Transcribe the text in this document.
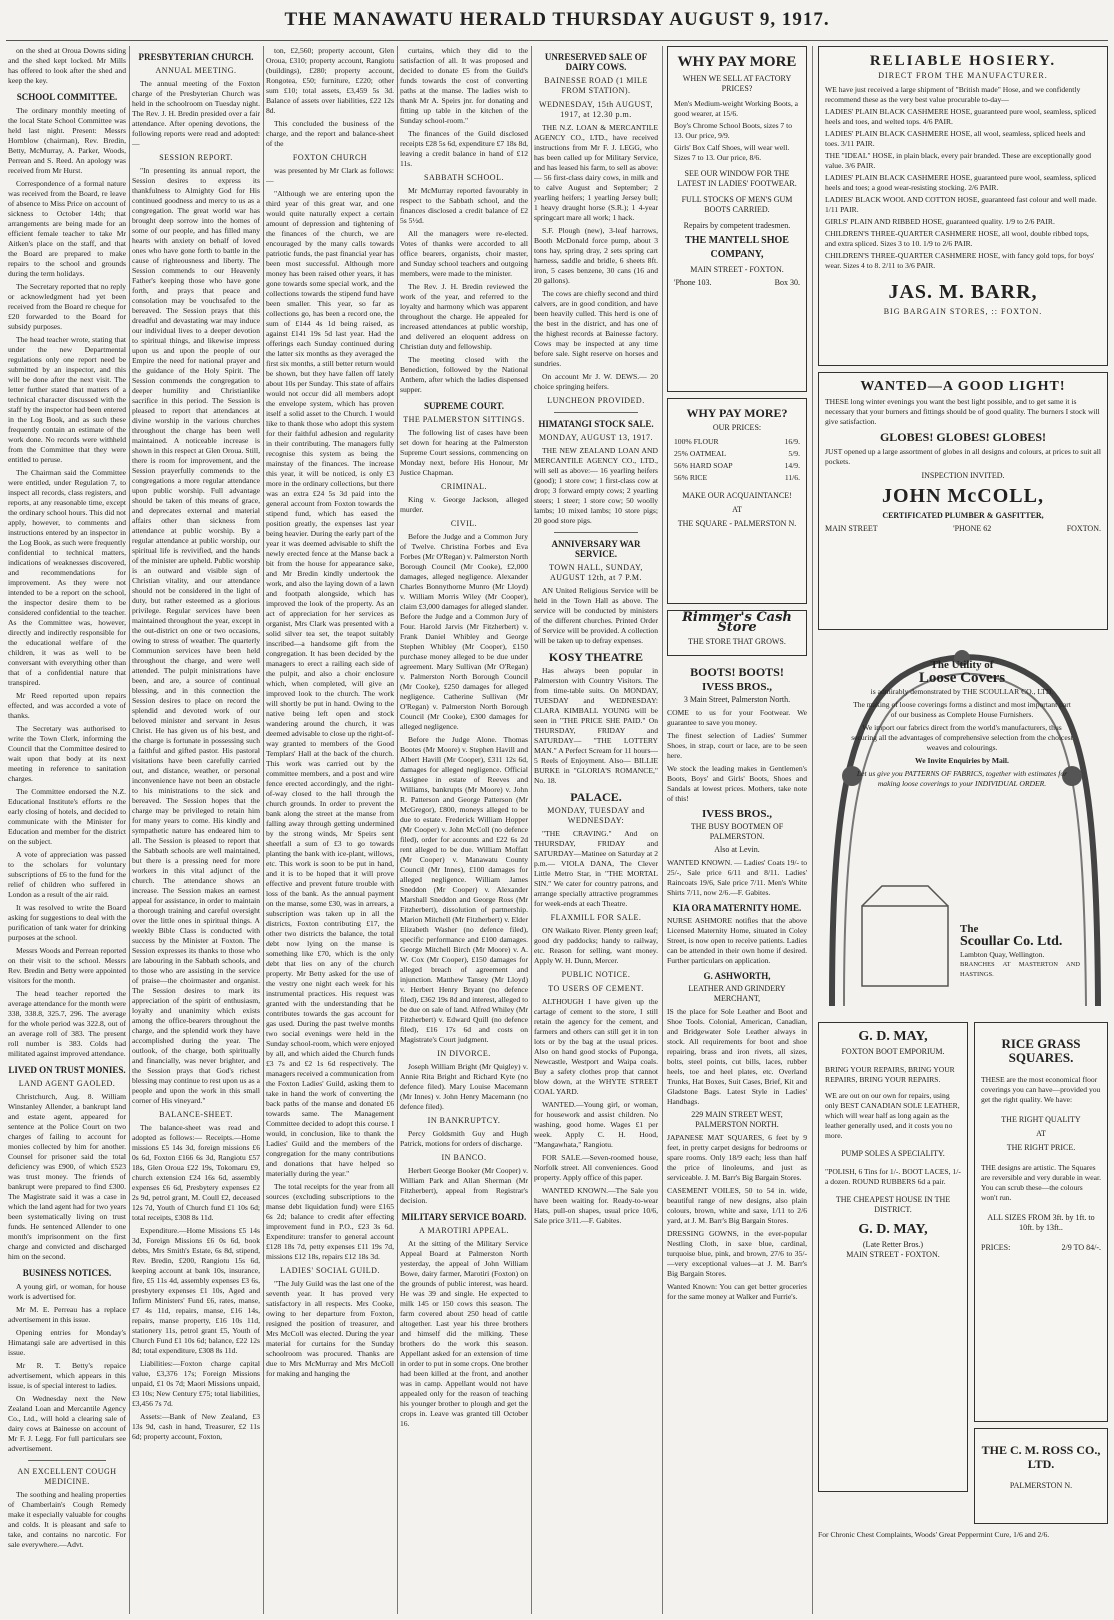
THE MANAWATU HERALD THURSDAY AUGUST 9, 1917.

on the shed at Oroua Downs siding and the shed kept locked. Mr Mills has offered to look after the shed and keep the key.

SCHOOL COMMITTEE.

The ordinary monthly meeting of the local State School Committee was held last night. Present: Messrs Hornblow (chairman), Rev. Bredin, Betty, McMurray, A. Parker, Woods, Perrean and S. Reed. An apology was received from Mr Hurst.

Correspondence of a formal nature was received from the Board, re leave of absence to Miss Price on account of sickness to October 14th; that arrangements are being made for an efficient female teacher to take Mr Aitken's place on the staff, and that the Board are prepared to make repairs to the school and grounds during the term holidays.

The Secretary reported that no reply or acknowledgment had yet been received from the Board re cheque for £20 forwarded to the Board for subsidy purposes.

The head teacher wrote, stating that under the new Departmental regulations only one report need be submitted by an inspector, and this will be done after the next visit. The letter further stated that matters of a technical character discussed with the staff by the inspector had been entered in the Log Book, and as such these frequently contain an estimate of the work done. No records were withheld from the Committee that they were entitled to peruse.

The Chairman said the Committee were entitled, under Regulation 7, to inspect all records, class registers, and reports, at any reasonable time, except the ordinary school hours. This did not apply, however, to comments and instructions entered by an inspector in the Log Book, as such were frequently confidential to technical matters, indications of weaknesses discovered, and recommendations for improvement. As they were not intended to be a report on the school, the inspector desire them to be considered confidential to the teacher. As the Committee was, however, directly and indirectly responsible for the educational welfare of the children, it was as well to be conversant with everything other than that of a confidential nature that transpired.

Mr Reed reported upon repairs effected, and was accorded a vote of thanks.

The Secretary was authorised to write the Town Clerk, informing the Council that the Committee desired to wait upon that body at its next meeting in reference to sanitation charges.

The Committee endorsed the N.Z. Educational Institute's efforts re the early closing of hotels, and decided to communicate with the Minister for Education and member for the district on the subject.

A vote of appreciation was passed to the scholars for voluntary subscriptions of £6 to the fund for the relief of children who suffered in London as a result of the air raid.

It was resolved to write the Board asking for suggestions to deal with the purification of tank water for drinking purposes at the school.

Messrs Woods and Perrean reported on their visit to the school. Messrs Rev. Bredin and Betty were appointed visitors for the month.

The head teacher reported the average attendance for the month were 338, 338.8, 325.7, 296. The average for the whole period was 322.8, out of an average roll of 383. The present roll number is 383. Colds had militated against improved attendance.

LIVED ON TRUST MONIES.
LAND AGENT GAOLED.

Christchurch, Aug. 8. William Winstanley Allender, a bankrupt land and estate agent, appeared for sentence at the Police Court on two charges of failing to account for monies collected by him for another. Counsel for prisoner said the total deficiency was £900, of which £523 was trust money. The friends of bankrupt were prepared to find £300. The Magistrate said it was a case in which the land agent had for two years been systematically living on trust funds. He sentenced Allender to one month's imprisonment on the first charge and convicted and discharged him on the second.

BUSINESS NOTICES.

A young girl, or woman, for house work is advertised for.

Mr M. E. Perreau has a replace advertisement in this issue.

Opening entries for Monday's Himatangi sale are advertised in this issue.

Mr R. T. Betty's repaice advertisement, which appears in this issue, is of special interest to ladies.

On Wednesday next the New Zealand Loan and Mercantile Agency Co., Ltd., will hold a clearing sale of dairy cows at Bainesse on account of Mr F. J. Legg. For full particulars see advertisement.

AN EXCELLENT COUGH MEDICINE.

The soothing and healing properties of Chamberlain's Cough Remedy make it especially valuable for coughs and colds. It is pleasant and safe to take, and contains no narcotic. For sale everywhere.—Advt.

PRESBYTERIAN CHURCH.
ANNUAL MEETING.

The annual meeting of the Foxton charge of the Presbyterian Church was held in the schoolroom on Tuesday night. The Rev. J. H. Bredin presided over a fair attendance. After opening devotions, the following reports were read and adopted:—

SESSION REPORT.

"In presenting its annual report, the Session desires to express its thankfulness to Almighty God for His continued goodness and mercy to us as a congregation. The great world war has brought deep sorrow into the homes of some of our people, and has filled many hearts with anxiety on behalf of loved ones who have gone forth to battle in the cause of righteousness and liberty. The Session commends to our Heavenly Father's keeping those who have gone forth, and prays that peace and consolation may be vouchsafed to the bereaved. The Session prays that this dreadful and devastating war may induce our individual lives to a deeper devotion to spiritual things, and likewise impress upon us and upon the people of our Empire the need for national prayer and the guidance of the Holy Spirit. The Session commends the congregation to deeper humility and Christianlike sacrifice in this period. The Session is pleased to report that attendances at divine worship in the various churches throughout the charge has been well maintained. A noticeable increase is shown in this respect at Glen Oroua. Still, there is room for improvement, and the Session prayerfully commends to the congregations a more regular attendance upon public worship. Full advantage should be taken of this means of grace, and deprecates external and material affairs other than sickness from attendance at public worship. By a regular attendance at public worship, our spiritual life is revivified, and the hands of the minister are upheld. Public worship is an outward and visible sign of Christian vitality, and our attendance should not be considered in the light of duty, but rather esteemed as a glorious privilege. Regular services have been maintained throughout the year, except in the out-district on one or two occasions, owing to stress of weather. The quarterly Communion services have been held throughout the charge, and were well attended. The pulpit ministrations have been, and are, a source of continual blessing, and in this connection the Session desires to place on record the splendid and devoted work of our beloved minister and servant in Jesus Christ. He has given us of his best, and the charge is fortunate in possessing such a faithful and gifted pastor. His pastoral visitations have been carefully carried out, and distance, weather, or personal inconvenience have not been an obstacle to his ministrations to the sick and bereaved. The Session hopes that the charge may be privileged to retain him for many years to come. His kindly and sympathetic nature has endeared him to all. The Session is pleased to report that the Sabbath schools are well maintained, but there is a pressing need for more workers in this vital adjunct of the church. The attendance shows an increase. The Session makes an earnest appeal for assistance, in order to maintain a thorough training and careful oversight over the little ones in spiritual things. A weekly Bible Class is conducted with success by the Minister at Foxton. The Session expresses its thanks to those who are labouring in the Sabbath schools, and to those who are assisting in the service of praise—the choirmaster and organist. The Session desires to mark its appreciation of the spirit of enthusiasm, loyalty and unanimity which exists among the office-bearers throughout the charge, and the splendid work they have accomplished during the year. The outlook, of the charge, both spiritually and financially, was never brighter, and the Session prays that God's richest blessing may continue to rest upon us as a people and upon the work in this small corner of His vineyard."

BALANCE-SHEET.

The balance-sheet was read and adopted as follows:— Receipts.—Home missions £5 14s 3d, foreign missions £6 0s 6d, Foxton £166 6s 3d, Rangiotu £57 18s, Glen Oroua £22 19s, Tokomaru £9, church extension £24 16s 6d, assembly expenses £6 6d, Presbytery expenses £2 2s 9d, petrol grant, M. Coull £2, deceased 12s 7d, Youth of Church fund £1 10s 6d; total receipts, £308 8s 11d.

Expenditure.—Home Missions £5 14s 3d, Foreign Missions £6 0s 6d, book debts, Mrs Smith's Estate, 6s 8d, stipend, Rev. Bredin, £200, Rangiotu 15s 6d, keeping account at bank 10s, insurance, fire, £5 11s 4d, assembly expenses £3 6s, presbytery expenses £1 10s, Aged and Infirm Ministers' Fund £6, rates, manse, £7 4s 11d, repairs, manse, £16 14s, repairs, manse property, £16 10s 11d, stationery 11s, petrol grant £5, Youth of Church Fund £1 10s 6d; balance, £22 12s 8d; total expenditure, £308 8s 11d.

Liabilities:—Foxton charge capital value, £3,376 17s; Foreign Missions unpaid, £1 0s 7d; Maori Missions unpaid, £3 10s; New Century £75; total liabilities, £3,456 7s 7d.

Assets:—Bank of New Zealand, £3 13s 9d, cash in hand, Treasurer, £2 11s 6d; property account, Foxton,

ton, £2,560; property account, Glen Oroua, £310; property account, Rangiotu (buildings), £280; property account, Rongotea, £50; furniture, £220; other sum £10; total assets, £3,459 5s 3d. Balance of assets over liabilities, £22 12s 8d.

This concluded the business of the charge, and the report and balance-sheet of the

FOXTON CHURCH

was presented by Mr Clark as follows:—

"Although we are entering upon the third year of this great war, and one would quite naturally expect a certain amount of depression and tightening of the finances of the church, we are encouraged by the many calls towards patriotic funds, the past financial year has been most successful. Although more money has been raised other years, it has gone towards some special work, and the collections towards the stipend fund have been smaller. This year, so far as collections go, has been a record one, the sum of £144 4s 1d being raised, as against £141 19s 5d last year. Had the offerings each Sunday continued during the latter six months as they averaged the first six months, a still better return would be shown, but they have fallen off lately about 10s per Sunday. This state of affairs would not occur did all members adopt the envelope system, which has proven itself a solid asset to the Church. I would like to thank those who adopt this system for their faithful adhesion and regularity in their contributing. The managers fully recognise this system as being the mainstay of the finances. The increase this year, it will be noticed, is only £3 more in the ordinary collections, but there was an extra £24 5s 3d paid into the general account from Foxton towards the stipend fund, which has eased the position greatly, the expenses last year being heavier. During the early part of the year it was deemed advisable to shift the newly erected fence at the Manse back a bit from the house for appearance sake, and Mr Bredin kindly undertook the work, and also the laying down of a lawn and footpath alongside, which has improved the look of the property. As an act of appreciation for her services as organist, Mrs Clark was presented with a solid silver tea set, the teapot suitably inscribed—a handsome gift from the congregation. It has been decided by the managers to erect a railing each side of the pulpit, and also a choir enclosure which, when completed, will give an improved look to the church. The work will shortly be put in hand. Owing to the native being left open and stock wandering around the church, it was deemed advisable to close up the right-of-way granted to members of the Good Templars' Hall at the back of the church. This work was carried out by the committee members, and a post and wire fence erected accordingly, and the right-of-way closed to the hall through the church grounds. In order to prevent the bank along the street at the manse from falling away through getting undermined by the strong winds, Mr Speirs sent sheetfall a sum of £3 to go towards planting the bank with ice-plant, willows, etc. This work is soon to be put in hand, and it is to be hoped that it will prove effective and prevent future trouble with loss of the bank. As the annual payment on the manse, some £30, was in arrears, a subscription was taken up in all the districts, Foxton contributing £17, the other two districts the balance, the total debt now lying on the manse is something like £70, which is the only debt that lies on any of the church property. Mr Betty asked for the use of the vestry one night each week for his instrumental practices. His request was granted with the understanding that he contributes towards the gas account for gas used. During the past twelve months two social evenings were held in the Sunday school-room, which were enjoyed by all, and which aided the Church funds £3 7s and £2 1s 6d respectively. The managers received a communication from the Foxton Ladies' Guild, asking them to take in hand the work of converting the back paths of the manse and donated £6 towards same. The Management Committee decided to adopt this course. I would, in conclusion, like to thank the Ladies' Guild and the members of the congregation for the many contributions and donations that have helped so materially during the year."

The total receipts for the year from all sources (excluding subscriptions to the manse debt liquidation fund) were £165 6s 2d; balance to credit after effecting improvement fund in P.O., £23 3s 6d. Expenditure: transfer to general account £128 18s 7d, petty expenses £11 19s 7d, missions £12 18s, repairs £12 18s 3d.

LADIES' SOCIAL GUILD.

"The July Guild was the last one of the seventh year. It has proved very satisfactory in all respects. Mrs Cooke, owing to her departure from Foxton, resigned the position of treasurer, and Mrs McColl was elected. During the year material for curtains for the Sunday schoolroom was procured. Thanks are due to Mrs McMurray and Mrs McColl for making and hanging the

curtains, which they did to the satisfaction of all. It was proposed and decided to donate £5 from the Guild's funds towards the cost of converting paths at the manse. The ladies wish to thank Mr A. Speirs jnr. for donating and fitting up table in the kitchen of the Sunday school-room."

The finances of the Guild disclosed receipts £28 5s 6d, expenditure £7 18s 8d, leaving a credit balance in hand of £12 11s.

SABBATH SCHOOL.

Mr McMurray reported favourably in respect to the Sabbath school, and the finances disclosed a credit balance of £2 5s 5½d.

All the managers were re-elected. Votes of thanks were accorded to all office bearers, organists, choir master, and Sunday school teachers and outgoing members, were made to the minister.

The Rev. J. H. Bredin reviewed the work of the year, and referred to the loyalty and harmony which was apparent throughout the charge. He appealed for increased attendances at public worship, and delivered an eloquent address on Christian duty and fellowship.

The meeting closed with the Benediction, followed by the National Anthem, after which the ladies dispensed supper.

SUPREME COURT.
THE PALMERSTON SITTINGS.

The following list of cases have been set down for hearing at the Palmerston Supreme Court sessions, commencing on Monday next, before His Honour, Mr Justice Chapman.

CRIMINAL.

King v. George Jackson, alleged murder.

CIVIL.

Before the Judge and a Common Jury of Twelve. Christina Forbes and Eva Forbes (Mr O'Regan) v. Palmerston North Borough Council (Mr Cooke), £2,000 damages, alleged negligence. Alexander Charles Bonnythorne Munro (Mr Lloyd) v. William Morris Wiley (Mr Cooper), claim £3,000 damages for alleged slander. Before the Judge and a Common Jury of Four. Harold Jarvis (Mr Fitzherbert) v. Frank Daniel Whibley and George Stephen Whibley (Mr Cooper), £150 purchase money alleged to be due under agreement. Mary Sullivan (Mr O'Regan) v. Palmerston North Borough Council (Mr Cooke), £250 damages for alleged negligence. Catherine Sullivan (Mr O'Regan) v. Palmerston North Borough Council (Mr Cooke), £300 damages for alleged negligence.

Before the Judge Alone. Thomas Bootes (Mr Moore) v. Stephen Havill and Albert Havill (Mr Cooper), £311 12s 6d, damages for alleged negligence. Official Assignee in estate of Reeves and Williams, bankrupts (Mr Moore) v. John R. Patterson and George Patterson (Mr McGregor), £800, moneys alleged to be due to estate. Frederick William Hopper (Mr Cooper) v. John McColl (no defence filed), order for accounts and £22 6s 2d rent alleged to be due. William Moffatt (Mr Cooper) v. Manawatu County Council (Mr Innes), £100 damages for alleged negligence. William James Sneddon (Mr Cooper) v. Alexander Marshall Sneddon and George Ross (Mr Fitzherbert), dissolution of partnership. Marion Mitchell (Mr Fitzherbert) v. Elder Elizabeth Washer (no defence filed), specific performance and £100 damages. George Mitchell Birch (Mr Moore) v. A. W. Cox (Mr Cooper), £150 damages for alleged breach of agreement and injunction. Matthew Tansey (Mr Lloyd) v. Herbert Henry Bryant (no defence filed), £362 19s 8d and interest, alleged to be due on sale of land. Alfred Whiley (Mr Fitzherbert) v. Edward Quill (no defence filed), £16 17s 6d and costs on Magistrate's Court judgment.

IN DIVORCE.

Joseph William Bright (Mr Quigley) v. Annie Rita Bright and Richard Kyte (no defence filed). Mary Louise Macemann (Mr Innes) v. John Henry Macemann (no defence filed).

IN BANKRUPTCY.

Percy Goldsmith Guy and Hugh Patrick, motions for orders of discharge.

IN BANCO.

Herbert George Booker (Mr Cooper) v. William Park and Allan Sherman (Mr Fitzherbert), appeal from Registrar's decision.

MILITARY SERVICE BOARD.
A MAROTIRI APPEAL.

At the sitting of the Military Service Appeal Board at Palmerston North yesterday, the appeal of John William Bowe, dairy farmer, Marotiri (Foxton) on the grounds of public interest, was heard. He was 39 and single. He expected to milk 145 or 150 cows this season. The farm covered about 250 head of cattle altogether. Last year his three brothers and himself did the milking. These brothers do the work this season. Appellant asked for an extension of time in order to put in some crops. One brother had been killed at the front, and another was in camp. Appellant would not have appealed only for the reason of teaching his younger brother to plough and get the crops in. Leave was granted till October 16.

UNRESERVED SALE OF DAIRY COWS.
BAINESSE ROAD (1 MILE FROM STATION).
WEDNESDAY, 15th AUGUST, 1917, at 12.30 p.m.

THE N.Z. LOAN & MERCANTILE AGENCY CO., LTD., have received instructions from Mr F. J. LEGG, who has been called up for Military Service, and has leased his farm, to sell as above:— 56 first-class dairy cows, in milk and to calve August and September; 2 yearling heifers; 1 yearling Jersey bull; 1 heavy draught horse (S.R.); 1 4-year springcart mare all work; 1 hack.

S.F. Plough (new), 3-leaf harrows, Booth McDonald force pump, about 3 tons hay, spring dray, 2 sets spring cart harness, saddle and bridle, 6 sheets 8ft. iron, 5 cases benzene, 30 cans (16 and 20 gallons).

The cows are chiefly second and third calvers, are in good condition, and have been heavily culled. This herd is one of the best in the district, and has one of the highest records at Bainesse factory. Cows may be inspected at any time before sale. Sight reserve on horses and sundries.

On account Mr J. W. DEWS.— 20 choice springing heifers.

LUNCHEON PROVIDED.
HIMATANGI STOCK SALE.
MONDAY, AUGUST 13, 1917.

THE NEW ZEALAND LOAN AND MERCANTILE AGENCY CO., LTD., will sell as above:— 16 yearling heifers (good); 1 store cow; 1 first-class cow at drop; 3 forward empty cows; 2 yearling steers; 1 steer; 1 store cow; 50 woolly lambs; 10 mixed lambs; 10 store pigs; 20 good store pigs.

ANNIVERSARY WAR SERVICE.
TOWN HALL, SUNDAY, AUGUST 12th, at 7 P.M.

AN United Religious Service will be held in the Town Hall as above. The service will be conducted by ministers of the different churches. Printed Order of Service will be provided. A collection will be taken up to defray expenses.

KOSY THEATRE

Has always been popular in Palmerston with Country Visitors. The from time-table suits. On MONDAY, TUESDAY and WEDNESDAY: CLARA KIMBALL YOUNG will be seen in "THE PRICE SHE PAID." On THURSDAY, FRIDAY and SATURDAY— "THE LOTTERY MAN." A Perfect Scream for 11 hours—5 Reels of Enjoyment. Also— BILLIE BURKE in "GLORIA'S ROMANCE," No. 18.

PALACE.
MONDAY, TUESDAY and WEDNESDAY:

"THE CRAVING." And on THURSDAY, FRIDAY and SATURDAY—Matinee on Saturday at 2 p.m.— VIOLA DANA, The Clever Little Metro Star, in "THE MORTAL SIN." We cater for country patrons, and arrange specially attractive programmes for week-ends at each Theatre.

FLAXMILL FOR SALE.

ON Waikato River. Plenty green leaf; good dry paddocks; handy to railway, etc. Reason for selling, want money. Apply W. H. Dunn, Mercer.

PUBLIC NOTICE.
TO USERS OF CEMENT.

ALTHOUGH I have given up the cartage of cement to the store, I still retain the agency for the cement, and farmers and others can still get it in ton lots or by the bag at the usual prices. Also on hand good stocks of Puponga, Newcastle, Westport and Waipa coals. Buy a safety clothes prop that cannot blow down, at the WHYTE STREET COAL YARD.

WANTED.—Young girl, or woman, for housework and assist children. No washing, good home. Wages £1 per week. Apply C. H. Hood, "Mangawhata," Rangiotu.

FOR SALE.—Seven-roomed house, Norfolk street. All conveniences. Good property. Apply office of this paper.

WANTED KNOWN.—The Sale you have been waiting for. Ready-to-wear Hats, pull-on shapes, usual price 10/6, Sale price 3/11.—F. Gabites.

WHY PAY MORE
WHEN WE SELL AT FACTORY PRICES?
Men's Medium-weight Working Boots, a good wearer, at 15/6.
Boy's Chrome School Boots, sizes 7 to 13. Our price, 9/9.
Girls' Box Calf Shoes, will wear well. Sizes 7 to 13. Our price, 8/6.
SEE OUR WINDOW FOR THE LATEST IN LADIES' FOOTWEAR.
FULL STOCKS OF MEN'S GUM BOOTS CARRIED.
Repairs by competent tradesmen.
THE MANTELL SHOE COMPANY,
MAIN STREET - FOXTON.
'Phone 103.	Box 30.
WHY PAY MORE?
OUR PRICES:
100% FLOUR	16/9.
25% OATMEAL	5/9.
56% HARD SOAP	14/9.
56% RICE	11/6.
MAKE OUR ACQUAINTANCE!
AT
THE SQUARE - PALMERSTON N.
Rimmer's Cash Store
THE STORE THAT GROWS.
BOOTS! BOOTS!
IVESS BROS.,
3 Main Street, Palmerston North.

COME to us for your Footwear. We guarantee to save you money.

The finest selection of Ladies' Summer Shoes, in strap, court or lace, are to be seen here.

We stock the leading makes in Gentlemen's Boots, Boys' and Girls' Boots, Shoes and Sandals at lowest prices. Mothers, take note of this!

IVESS BROS.,
THE BUSY BOOTMEN OF PALMERSTON.
Also at Levin.

WANTED KNOWN. — Ladies' Coats 19/- to 25/-, Sale price 6/11 and 8/11. Ladies' Raincoats 19/6, Sale price 7/11. Men's White Shirts 7/11, now 2/6.—F. Gabites.

KIA ORA MATERNITY HOME.

NURSE ASHMORE notifies that the above Licensed Maternity Home, situated in Coley Street, is now open to receive patients. Ladies can be attended in their own home if desired. Further particulars on application.

G. ASHWORTH,
LEATHER AND GRINDERY MERCHANT,

IS the place for Sole Leather and Boot and Shoe Tools. Colonial, American, Canadian, and Bridgewater Sole Leather always in stock. All requirements for boot and shoe repairing, brass and iron rivets, all sizes, bolts, steel points, cut bills, laces, rubber heels, toe and heel plates, etc. Overland Trunks, Hat Boxes, Suit Cases, Brief, Kit and Gladstone Bags. Latest Style in Ladies' Handbags.

229 MAIN STREET WEST, PALMERSTON NORTH.

JAPANESE MAT SQUARES, 6 feet by 9 feet, in pretty carpet designs for bedrooms or spare rooms. Only 18/9 each; less than half the price of linoleums, and just as serviceable. J. M. Barr's Big Bargain Stores.

CASEMENT VOILES, 50 to 54 in. wide, beautiful range of new designs, also plain colours, brown, white and saxe, 1/11 to 2/6 yard, at J. M. Barr's Big Bargain Stores.

DRESSING GOWNS, in the ever-popular Nestling Cloth, in saxe blue, cardinal, turquoise blue, pink, and brown, 27/6 to 35/-—very exceptional values—at J. M. Barr's Big Bargain Stores.

Wanted Known: You can get better groceries for the same money at Walker and Furrie's.

RELIABLE HOSIERY.
DIRECT FROM THE MANUFACTURER.
WE have just received a large shipment of "British made" Hose, and we confidently recommend these as the very best value procurable to-day—
LADIES' PLAIN BLACK CASHMERE HOSE, guaranteed pure wool, seamless, spliced heels and toes, and welted tops. 4/6 PAIR.
LADIES' PLAIN BLACK CASHMERE HOSE, all wool, seamless, spliced heels and toes. 3/11 PAIR.
THE "IDEAL" HOSE, in plain black, every pair branded. These are exceptionally good value. 3/6 PAIR.
LADIES' PLAIN BLACK CASHMERE HOSE, guaranteed pure wool, seamless, spliced heels and toes; a good wear-resisting stocking. 2/6 PAIR.
LADIES' BLACK WOOL AND COTTON HOSE, guaranteed fast colour and well made. 1/11 PAIR.
GIRLS' PLAIN AND RIBBED HOSE, guaranteed quality. 1/9 to 2/6 PAIR.
CHILDREN'S THREE-QUARTER CASHMERE HOSE, all wool, double ribbed tops, and extra spliced. Sizes 3 to 10. 1/9 to 2/6 PAIR.
CHILDREN'S THREE-QUARTER CASHMERE HOSE, with fancy gold tops, for boys' wear. Sizes 4 to 8. 2/11 to 3/6 PAIR.
JAS. M. BARR,
BIG BARGAIN STORES, :: FOXTON.
WANTED—A GOOD LIGHT!
THESE long winter evenings you want the best light possible, and to get same it is necessary that your burners and fittings should be of good quality. The burners I stock will give satisfaction.
GLOBES! GLOBES! GLOBES!
JUST opened up a large assortment of globes in all designs and colours, at prices to suit all pockets.
INSPECTION INVITED.
JOHN McCOLL,
CERTIFICATED PLUMBER & GASFITTER,
MAIN STREET	'PHONE 62	FOXTON.
The Utility of
Loose Covers

is admirably demonstrated by THE SCOULLAR CO., LTD.

The making of loose coverings forms a distinct and most important part of our business as Complete House Furnishers.

We import our fabrics direct from the world's manufacturers, thus securing all the advantages of comprehensive selection from the choicest weaves and colourings.

We Invite Enquiries by Mail.

Let us give you PATTERNS OF FABRICS, together with estimates for making loose coverings to your INDIVIDUAL ORDER.

The
Scoullar Co. Ltd.
Lambton Quay, Wellington.
BRANCHES AT MASTERTON AND HASTINGS.
G. D. MAY,
FOXTON BOOT EMPORIUM.
BRING YOUR REPAIRS, BRING YOUR REPAIRS, BRING YOUR REPAIRS.
WE are out on our own for repairs, using only BEST CANADIAN SOLE LEATHER, which will wear half as long again as the leather generally used, and it costs you no more.
PUMP SOLES A SPECIALITY.
"POLISH, 6 Tins for 1/-. BOOT LACES, 1/- a dozen. ROUND RUBBERS 6d a pair.
THE CHEAPEST HOUSE IN THE DISTRICT.
G. D. MAY,
(Late Retter Bros.)
MAIN STREET - FOXTON.
RICE GRASS SQUARES.
THESE are the most economical floor coverings you can have—provided you get the right quality. We have:
THE RIGHT QUALITY
AT
THE RIGHT PRICE.
THE designs are artistic. The Squares are reversible and very durable in wear. You can scrub these—the colours won't run.
ALL SIZES FROM 3ft. by 1ft. to 10ft. by 13ft..
PRICES:	2/9 TO 84/-.
THE C. M. ROSS CO., LTD.
PALMERSTON N.

For Chronic Chest Complaints, Woods' Great Peppermint Cure, 1/6 and 2/6.
